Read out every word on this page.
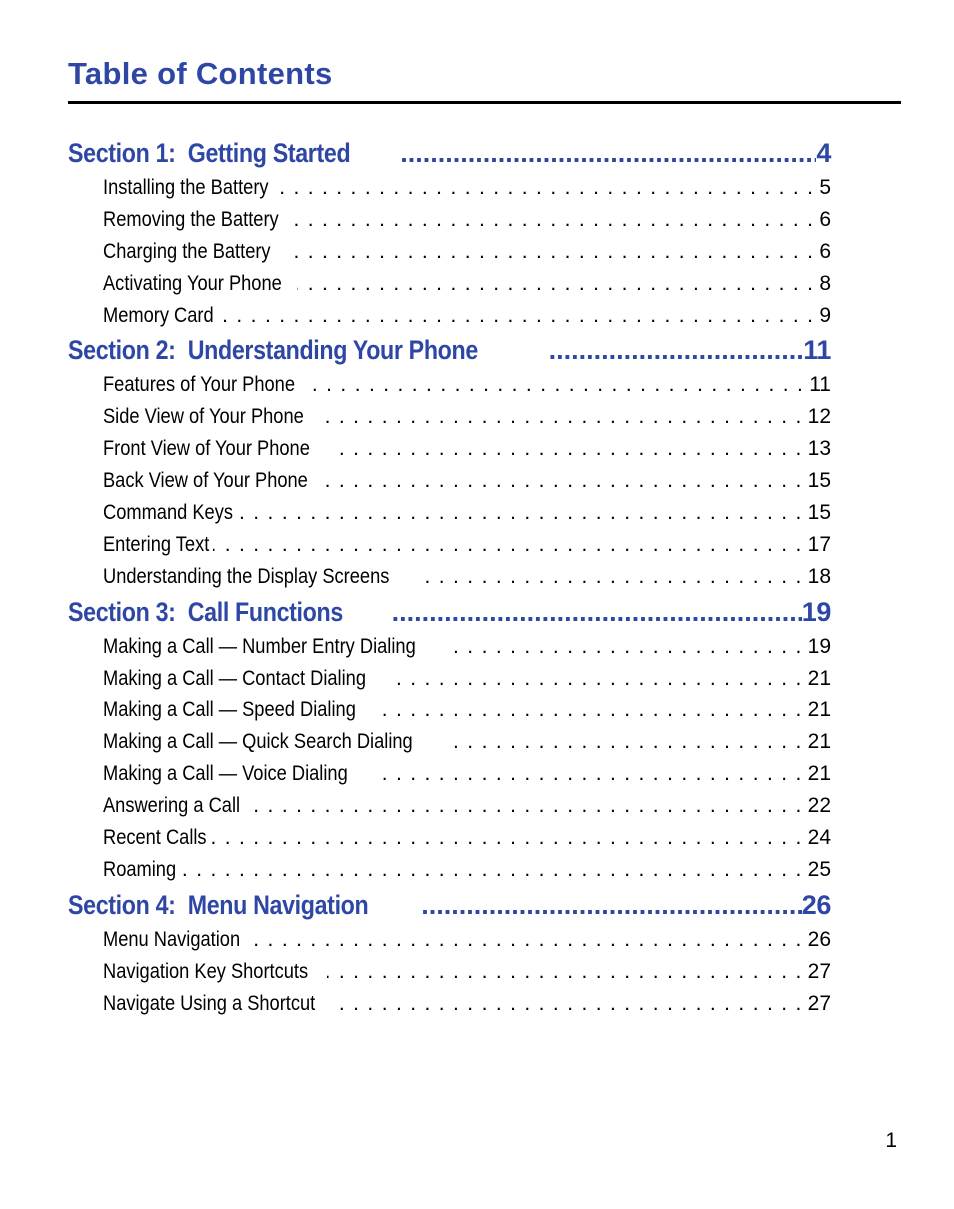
Table of Contents
Section 1:  Getting Started .....	4
Installing the Battery . . .	5
Removing the Battery . . .	6
Charging the Battery . . .	6
Activating Your Phone . . .	8
Memory Card . . .	9
Section 2:  Understanding Your Phone .....	11
Features of Your Phone . . .	11
Side View of Your Phone . . .	12
Front View of Your Phone . . .	13
Back View of Your Phone . . .	15
Command Keys . . .	15
Entering Text . . .	17
Understanding the Display Screens . . .	18
Section 3:  Call Functions .....	19
Making a Call — Number Entry Dialing . . .	19
Making a Call — Contact Dialing . . .	21
Making a Call — Speed Dialing . . .	21
Making a Call — Quick Search Dialing . . .	21
Making a Call — Voice Dialing . . .	21
Answering a Call . . .	22
Recent Calls . . .	24
Roaming . . .	25
Section 4:  Menu Navigation .....	26
Menu Navigation . . .	26
Navigation Key Shortcuts . . .	27
Navigate Using a Shortcut . . .	27
1
